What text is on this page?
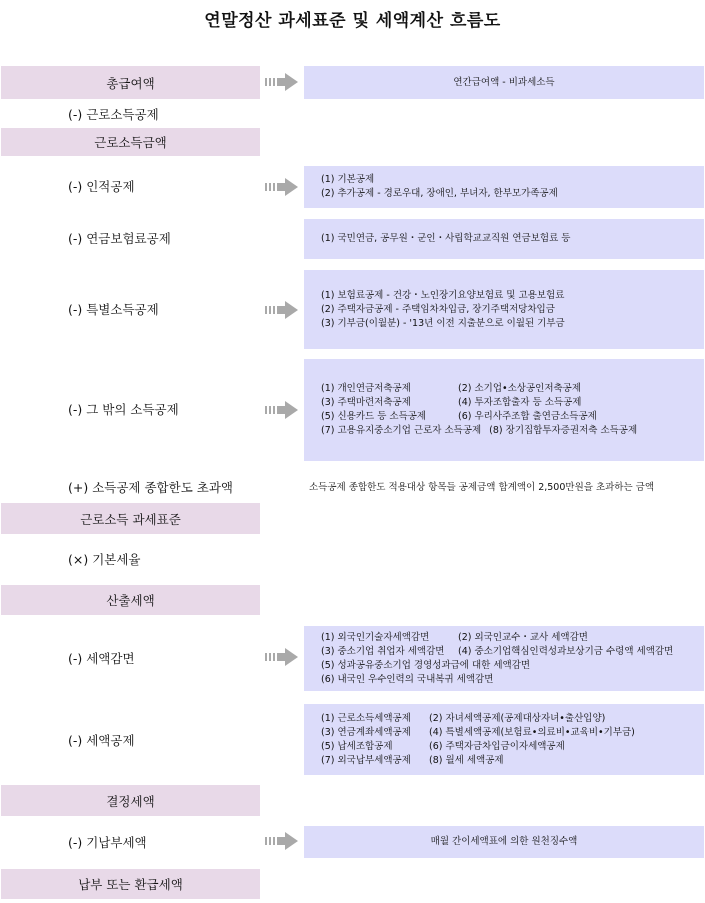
연말정산 과세표준 및 세액계산 흐름도
총급여액
근로소득금액
근로소득 과세표준
산출세액
결정세액
납부 또는 환급세액
(-) 근로소득공제
(-) 인적공제
(-) 연금보험료공제
(-) 특별소득공제
(-) 그 밖의 소득공제
(+) 소득공제 종합한도 초과액
(×) 기본세율
(-) 세액감면
(-) 세액공제
(-) 기납부세액
연간급여액 - 비과세소득
(1) 기본공제
(2) 추가공제 - 경로우대, 장애인, 부녀자, 한부모가족공제
(1) 국민연금, 공무원・군인・사립학교교직원 연금보험료 등
(1) 보험료공제 - 건강・노인장기요양보험료 및 고용보험료
(2) 주택자금공제 - 주택임차차입금, 장기주택저당차입금
(3) 기부금(이월분) - '13년 이전 지출분으로 이월된 기부금
(1) 개인연금저축공제	(2) 소기업•소상공인저축공제
(3) 주택마련저축공제	(4) 투자조합출자 등 소득공제
(5) 신용카드 등 소득공제	(6) 우리사주조합 출연금소득공제
(7) 고용유지중소기업 근로자 소득공제 (8) 장기집합투자증권저축 소득공제
소득공제 종합한도 적용대상 항목들 공제금액 합계액이 2,500만원을 초과하는 금액
(1) 외국인기술자세액감면	(2) 외국인교수・교사 세액감면
(3) 중소기업 취업자 세액감면	(4) 중소기업핵심인력성과보상기금 수령액 세액감면
(5) 성과공유중소기업 경영성과급에 대한 세액감면
(6) 내국인 우수인력의 국내복귀 세액감면
(1) 근로소득세액공제	(2) 자녀세액공제(공제대상자녀•출산입양)
(3) 연금계좌세액공제	(4) 특별세액공제(보험료•의료비•교육비•기부금)
(5) 납세조합공제	(6) 주택자금차입금이자세액공제
(7) 외국납부세액공제	(8) 월세 세액공제
매월 간이세액표에 의한 원천징수액
